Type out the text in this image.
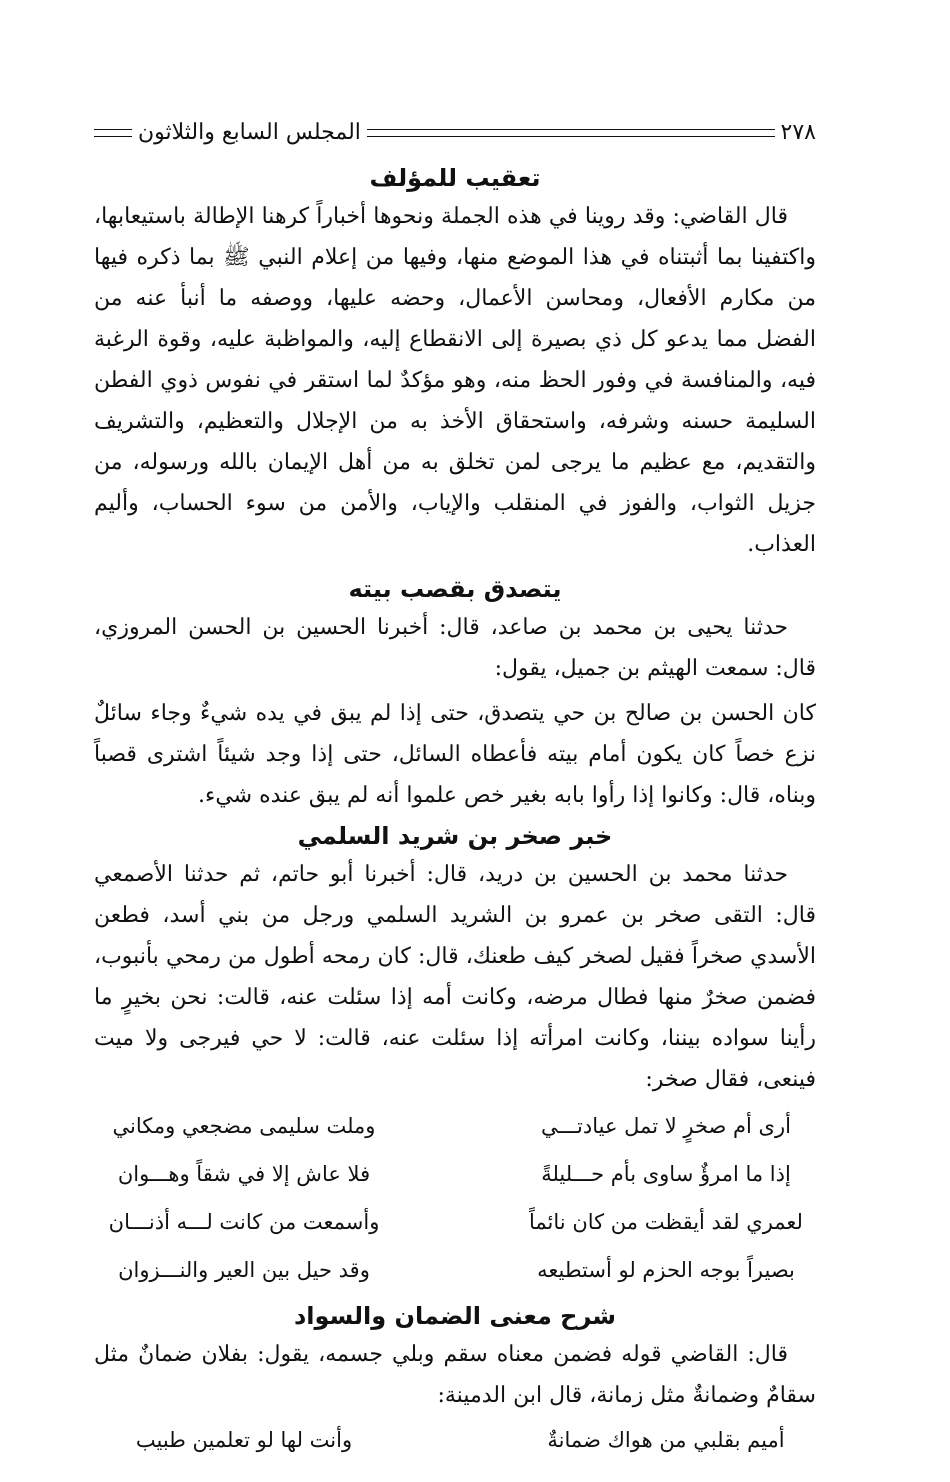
٢٧٨
المجلس السابع والثلاثون
تعقيب للمؤلف

قال القاضي: وقد روينا في هذه الجملة ونحوها أخباراً كرهنا الإطالة باستيعابها، واكتفينا بما أثبتناه في هذا الموضع منها، وفيها من إعلام النبي ﷺ بما ذكره فيها من مكارم الأفعال، ومحاسن الأعمال، وحضه عليها، ووصفه ما أنبأ عنه من الفضل مما يدعو كل ذي بصيرة إلى الانقطاع إليه، والمواظبة عليه، وقوة الرغبة فيه، والمنافسة في وفور الحظ منه، وهو مؤكدٌ لما استقر في نفوس ذوي الفطن السليمة حسنه وشرفه، واستحقاق الأخذ به من الإجلال والتعظيم، والتشريف والتقديم، مع عظيم ما يرجى لمن تخلق به من أهل الإيمان بالله ورسوله، من جزيل الثواب، والفوز في المنقلب والإياب، والأمن من سوء الحساب، وأليم العذاب.

يتصدق بقصب بيته

حدثنا يحيى بن محمد بن صاعد، قال: أخبرنا الحسين بن الحسن المروزي، قال: سمعت الهيثم بن جميل، يقول:

كان الحسن بن صالح بن حي يتصدق، حتى إذا لم يبق في يده شيءٌ وجاء سائلٌ نزع خصاً كان يكون أمام بيته فأعطاه السائل، حتى إذا وجد شيئاً اشترى قصباً وبناه، قال: وكانوا إذا رأوا بابه بغير خص علموا أنه لم يبق عنده شيء.

خبر صخر بن شريد السلمي

حدثنا محمد بن الحسين بن دريد، قال: أخبرنا أبو حاتم، ثم حدثنا الأصمعي قال: التقى صخر بن عمرو بن الشريد السلمي ورجل من بني أسد، فطعن الأسدي صخراً فقيل لصخر كيف طعنك، قال: كان رمحه أطول من رمحي بأنبوب، فضمن صخرٌ منها فطال مرضه، وكانت أمه إذا سئلت عنه، قالت: نحن بخيرٍ ما رأينا سواده بيننا، وكانت امرأته إذا سئلت عنه، قالت: لا حي فيرجى ولا ميت فينعى، فقال صخر:

أرى أم صخرٍ لا تمل عيادتـــي
وملت سليمى مضجعي ومكاني
إذا ما امرؤٌ ساوى بأم حـــليلةً
فلا عاش إلا في شقاً وهـــوان
لعمري لقد أيقظت من كان نائماً
وأسمعت من كانت لـــه أذنـــان
بصيراً بوجه الحزم لو أستطيعه
وقد حيل بين العير والنـــزوان
شرح معنى الضمان والسواد

قال: القاضي قوله فضمن معناه سقم وبلي جسمه، يقول: بفلان ضمانٌ مثل سقامٌ وضمانةٌ مثل زمانة، قال ابن الدمينة:

أميم بقلبي من هواك ضمانةٌ
وأنت لها لو تعلمين طبيب
